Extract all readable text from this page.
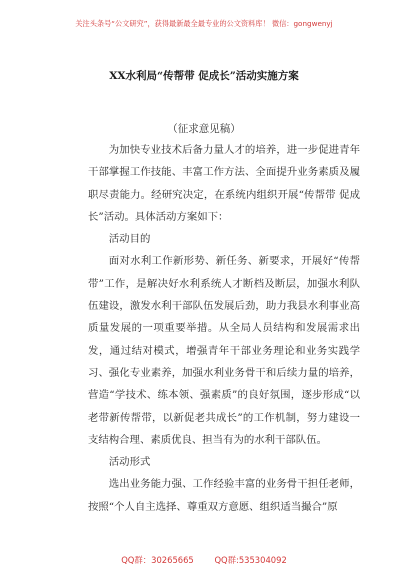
关注头条号“公文研究”，获得最新最全最专业的公文资料库！ 微信：gongwenyj
XX水利局“传帮带 促成长”活动实施方案
（征求意见稿）

为加快专业技术后备力量人才的培养，进一步促进青年干部掌握工作技能、丰富工作方法、全面提升业务素质及履职尽责能力。经研究决定，在系统内组织开展“传帮带 促成长”活动。具体活动方案如下：

活动目的

面对水利工作新形势、新任务、新要求，开展好“传帮带”工作，是解决好水利系统人才断档及断层，加强水利队伍建设，激发水利干部队伍发展后劲，助力我县水利事业高质量发展的一项重要举措。从全局人员结构和发展需求出发，通过结对模式，增强青年干部业务理论和业务实践学习、强化专业素养，加强水利业务骨干和后续力量的培养，营造“学技术、练本领、强素质”的良好氛围，逐步形成“以老带新传帮带，以新促老共成长”的工作机制，努力建设一支结构合理、素质优良、担当有为的水利干部队伍。

活动形式

选出业务能力强、工作经验丰富的业务骨干担任老师，按照“个人自主选择、尊重双方意愿、组织适当撮合”原

QQ群：30265665 QQ群:535304092
